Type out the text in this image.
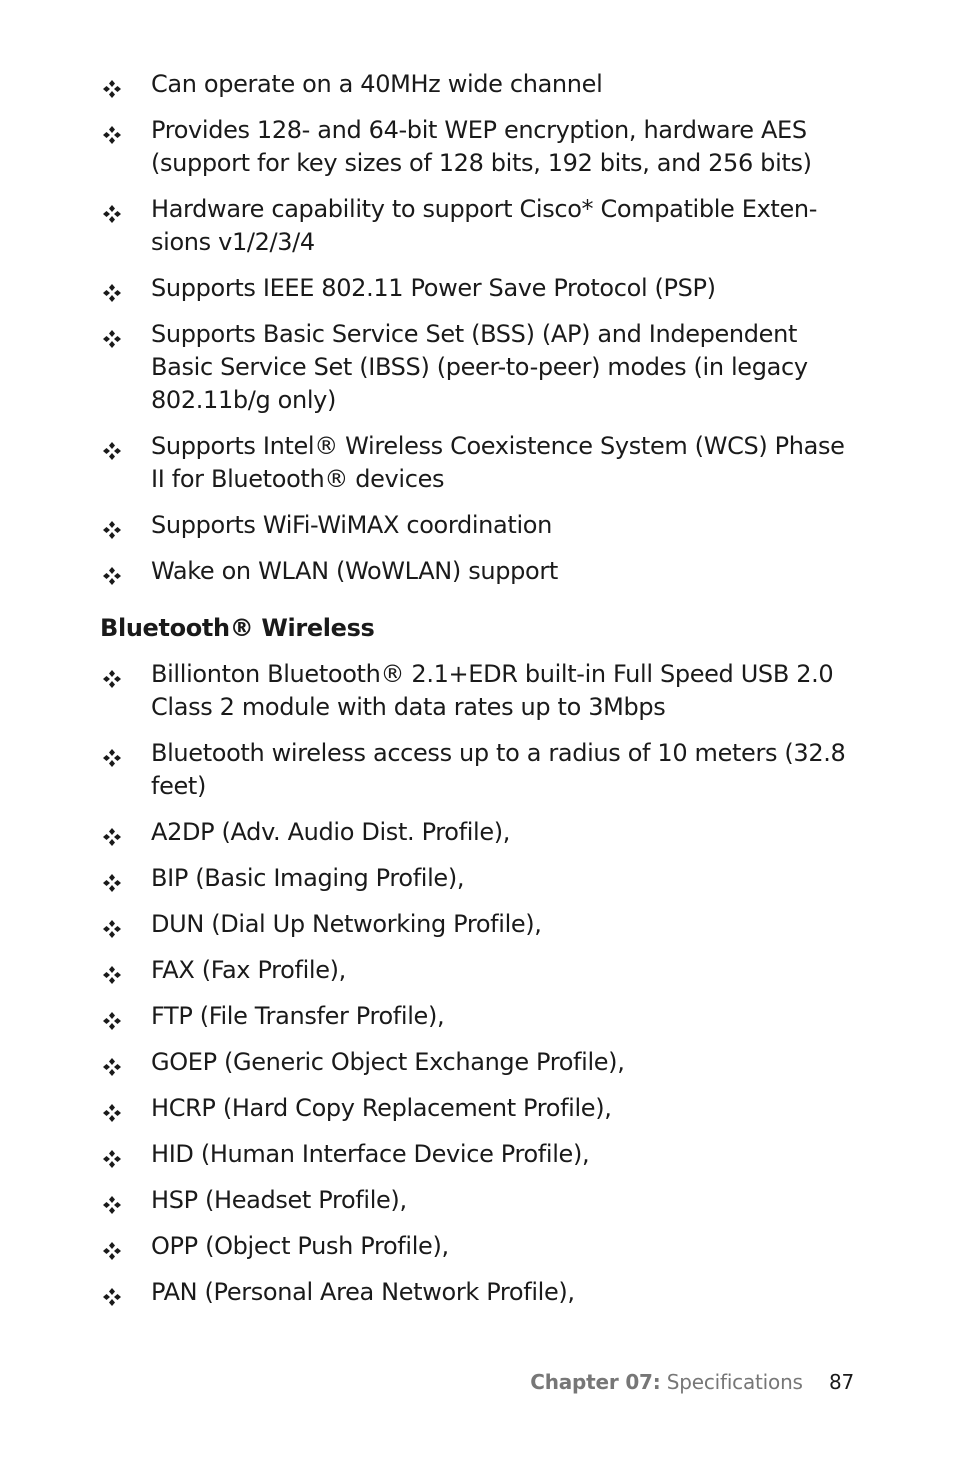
Can operate on a 40MHz wide channel
Provides 128- and 64-bit WEP encryption, hardware AES (support for key sizes of 128 bits, 192 bits, and 256 bits)
Hardware capability to support Cisco* Compatible Exten-sions v1/2/3/4
Supports IEEE 802.11 Power Save Protocol (PSP)
Supports Basic Service Set (BSS) (AP) and Independent Basic Service Set (IBSS) (peer-to-peer) modes (in legacy 802.11b/g only)
Supports Intel® Wireless Coexistence System (WCS) Phase II for Bluetooth® devices
Supports WiFi-WiMAX coordination
Wake on WLAN (WoWLAN) support
Bluetooth® Wireless
Billionton Bluetooth® 2.1+EDR built-in Full Speed USB 2.0 Class 2 module with data rates up to 3Mbps
Bluetooth wireless access up to a radius of 10 meters (32.8 feet)
A2DP (Adv. Audio Dist. Profile),
BIP (Basic Imaging Profile),
DUN (Dial Up Networking Profile),
FAX (Fax Profile),
FTP (File Transfer Profile),
GOEP (Generic Object Exchange Profile),
HCRP (Hard Copy Replacement Profile),
HID (Human Interface Device Profile),
HSP (Headset Profile),
OPP (Object Push Profile),
PAN (Personal Area Network Profile),
Chapter 07: Specifications 87
